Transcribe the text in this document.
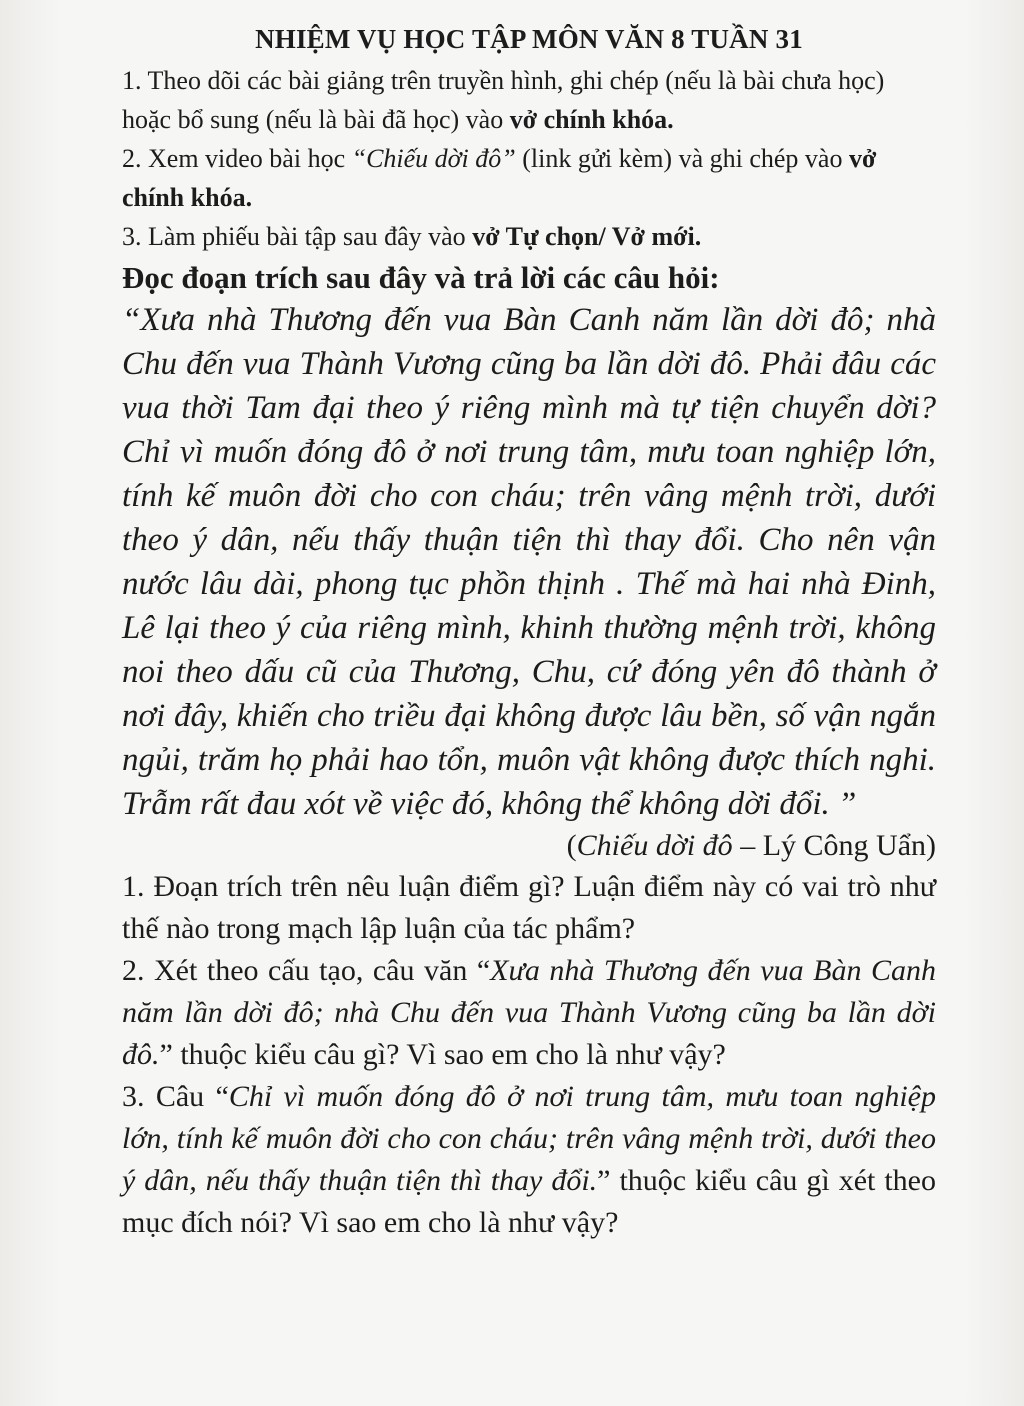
NHIỆM VỤ HỌC TẬP MÔN VĂN 8 TUẦN 31

1. Theo dõi các bài giảng trên truyền hình, ghi chép (nếu là bài chưa học) hoặc bổ sung (nếu là bài đã học) vào vở chính khóa.

2. Xem video bài học “Chiếu dời đô” (link gửi kèm) và ghi chép vào vở chính khóa.

3. Làm phiếu bài tập sau đây vào vở Tự chọn/ Vở mới.

Đọc đoạn trích sau đây và trả lời các câu hỏi:

“Xưa nhà Thương đến vua Bàn Canh năm lần dời đô; nhà Chu đến vua Thành Vương cũng ba lần dời đô. Phải đâu các vua thời Tam đại theo ý riêng mình mà tự tiện chuyển dời? Chỉ vì muốn đóng đô ở nơi trung tâm, mưu toan nghiệp lớn, tính kế muôn đời cho con cháu; trên vâng mệnh trời, dưới theo ý dân, nếu thấy thuận tiện thì thay đổi. Cho nên vận nước lâu dài, phong tục phồn thịnh . Thế mà hai nhà Đinh, Lê lại theo ý của riêng mình, khinh thường mệnh trời, không noi theo dấu cũ của Thương, Chu, cứ đóng yên đô thành ở nơi đây, khiến cho triều đại không được lâu bền, số vận ngắn ngủi, trăm họ phải hao tổn, muôn vật không được thích nghi. Trẫm rất đau xót về việc đó, không thể không dời đổi. ”

(Chiếu dời đô – Lý Công Uẩn)

1. Đoạn trích trên nêu luận điểm gì? Luận điểm này có vai trò như thế nào trong mạch lập luận của tác phẩm?

2. Xét theo cấu tạo, câu văn “Xưa nhà Thương đến vua Bàn Canh năm lần dời đô; nhà Chu đến vua Thành Vương cũng ba lần dời đô.” thuộc kiểu câu gì? Vì sao em cho là như vậy?

3. Câu “Chỉ vì muốn đóng đô ở nơi trung tâm, mưu toan nghiệp lớn, tính kế muôn đời cho con cháu; trên vâng mệnh trời, dưới theo ý dân, nếu thấy thuận tiện thì thay đổi.” thuộc kiểu câu gì xét theo mục đích nói? Vì sao em cho là như vậy?
